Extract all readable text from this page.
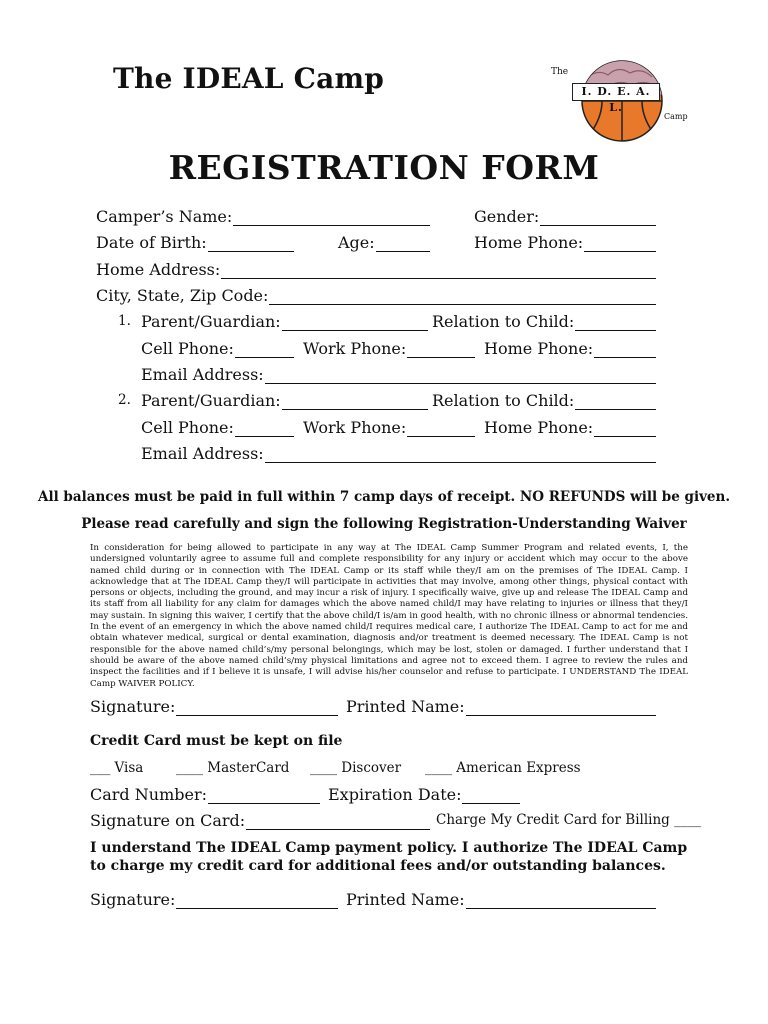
The IDEAL Camp	The
I. D. E. A. L.
Camp
REGISTRATION FORM
Camper’s Name:	Gender:
Date of Birth:	Age:	Home Phone:
Home Address:
City, State, Zip Code:
1. Parent/Guardian:	Relation to Child:
Cell Phone:	Work Phone:	Home Phone:
Email Address:
2. Parent/Guardian:	Relation to Child:
Cell Phone:	Work Phone:	Home Phone:
Email Address:
All balances must be paid in full within 7 camp days of receipt. NO REFUNDS will be given.
Please read carefully and sign the following Registration-Understanding Waiver
In consideration for being allowed to participate in any way at The IDEAL Camp Summer Program and related events, I, the undersigned voluntarily agree to assume full and complete responsibility for any injury or accident which may occur to the above named child during or in connection with The IDEAL Camp or its staff while they/I am on the premises of The IDEAL Camp. I acknowledge that at The IDEAL Camp they/I will participate in activities that may involve, among other things, physical contact with persons or objects, including the ground, and may incur a risk of injury. I specifically waive, give up and release The IDEAL Camp and its staff from all liability for any claim for damages which the above named child/I may have relating to injuries or illness that they/I may sustain. In signing this waiver, I certify that the above child/I is/am in good health, with no chronic illness or abnormal tendencies. In the event of an emergency in which the above named child/I requires medical care, I authorize The IDEAL Camp to act for me and obtain whatever medical, surgical or dental examination, diagnosis and/or treatment is deemed necessary. The IDEAL Camp is not responsible for the above named child’s/my personal belongings, which may be lost, stolen or damaged. I further understand that I should be aware of the above named child’s/my physical limitations and agree not to exceed them. I agree to review the rules and inspect the facilities and if I believe it is unsafe, I will advise his/her counselor and refuse to participate. I UNDERSTAND The IDEAL Camp WAIVER POLICY.
Signature:	Printed Name:
Credit Card must be kept on file
___ Visa ____ MasterCard ____ Discover ____ American Express
Card Number:	Expiration Date:
Signature on Card:	Charge My Credit Card for Billing ____
I understand The IDEAL Camp payment policy. I authorize The IDEAL Camp to charge my credit card for additional fees and/or outstanding balances.
Signature:	Printed Name:
